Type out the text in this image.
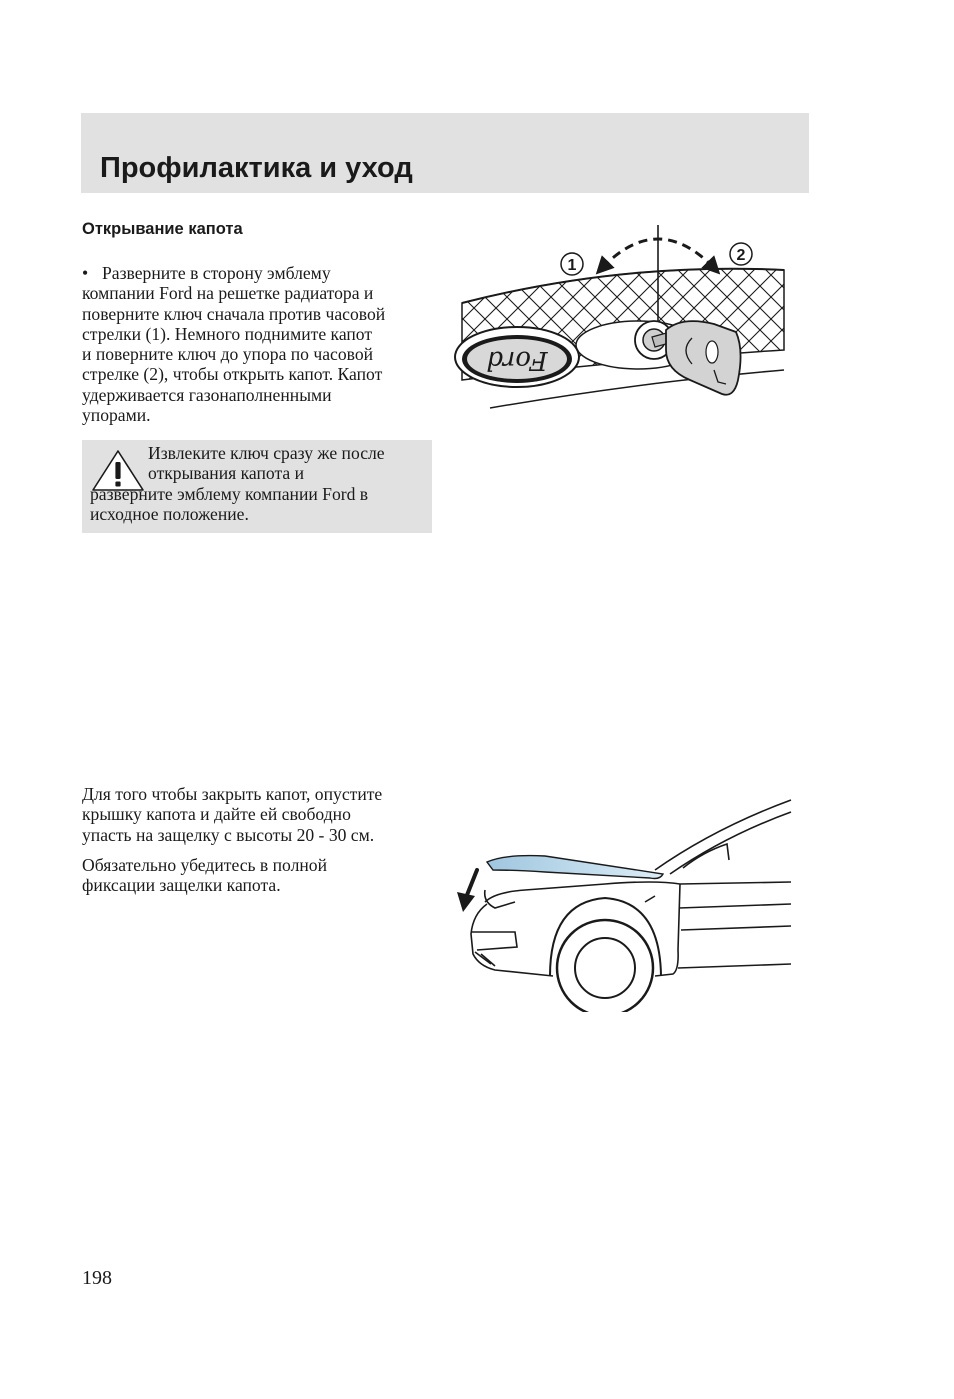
Профилактика и уход
Открывание капота

•

Разверните в сторону эмблему
компании Ford на решетке радиатора и
поверните ключ сначала против часовой
стрелки (1). Немного поднимите капот
и поверните ключ до упора по часовой
стрелке (2), чтобы открыть капот. Капот
удерживается газонаполненными
упорами.

Извлеките ключ сразу же после
открывания капота и
разверните эмблему компании Ford в
исходное положение.
Ford
1
2
Для того чтобы закрыть капот, опустите
крышку капота и дайте ей свободно
упасть на защелку с высоты 20 - 30 см.
Обязательно убедитесь в полной
фиксации защелки капота.
198
